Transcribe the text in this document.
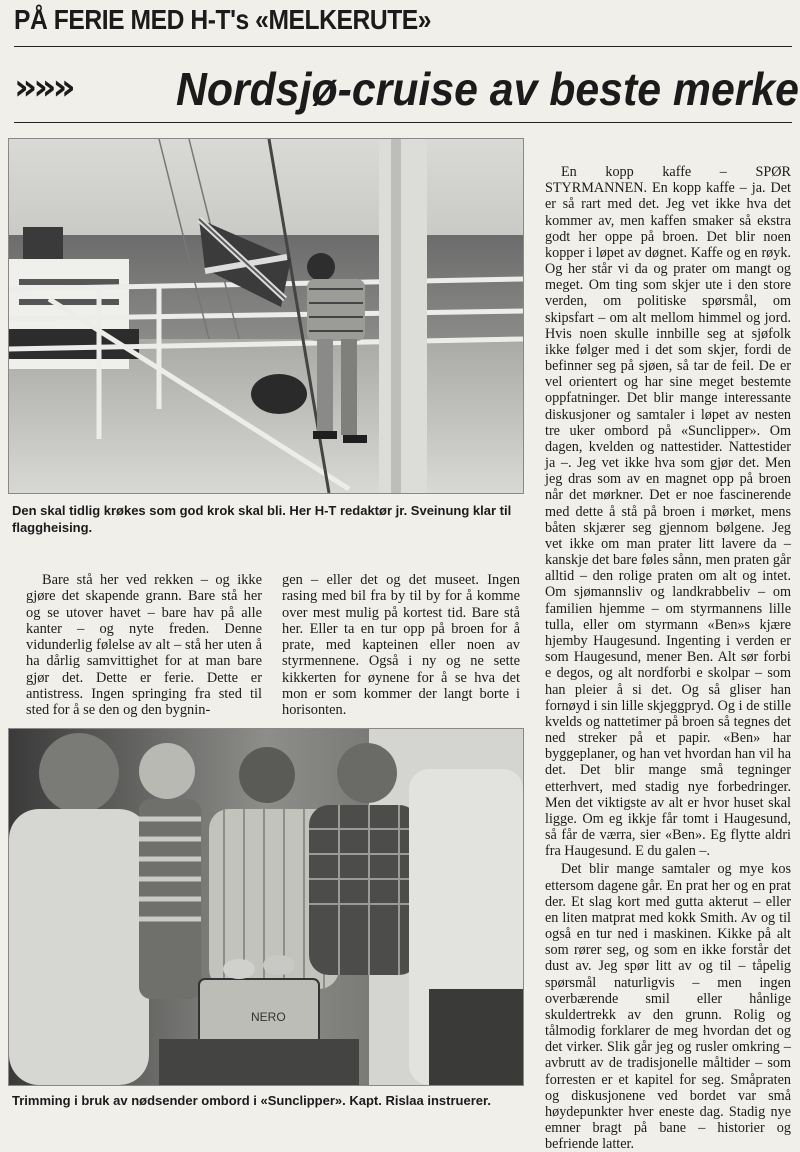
PÅ FERIE MED H-T's «MELKERUTE»
»»» Nordsjø-cruise av beste merke
Den skal tidlig krøkes som god krok skal bli. Her H-T redaktør jr. Sveinung klar til flaggheising.

Bare stå her ved rekken – og ikke gjøre det skapende grann. Bare stå her og se utover havet – bare hav på alle kanter – og nyte freden. Denne vidunderlig følelse av alt – stå her uten å ha dårlig samvittighet for at man bare gjør det. Dette er ferie. Dette er antistress. Ingen springing fra sted til sted for å se den og den bygnin-

gen – eller det og det museet. Ingen rasing med bil fra by til by for å komme over mest mulig på kortest tid. Bare stå her. Eller ta en tur opp på broen for å prate, med kapteinen eller noen av styrmennene. Også i ny og ne sette kikkerten for øynene for å se hva det mon er som kommer der langt borte i horisonten.

En kopp kaffe – SPØR STYRMANNEN. En kopp kaffe – ja. Det er så rart med det. Jeg vet ikke hva det kommer av, men kaffen smaker så ekstra godt her oppe på broen. Det blir noen kopper i løpet av døgnet. Kaffe og en røyk. Og her står vi da og prater om mangt og meget. Om ting som skjer ute i den store verden, om politiske spørsmål, om skipsfart – om alt mellom himmel og jord. Hvis noen skulle innbille seg at sjøfolk ikke følger med i det som skjer, fordi de befinner seg på sjøen, så tar de feil. De er vel orientert og har sine meget bestemte oppfatninger. Det blir mange interessante diskusjoner og samtaler i løpet av nesten tre uker ombord på «Sunclipper». Om dagen, kvelden og nattestider. Nattestider ja –. Jeg vet ikke hva som gjør det. Men jeg dras som av en magnet opp på broen når det mørkner. Det er noe fascinerende med dette å stå på broen i mørket, mens båten skjærer seg gjennom bølgene. Jeg vet ikke om man prater litt lavere da – kanskje det bare føles sånn, men praten går alltid – den rolige praten om alt og intet. Om sjømannsliv og landkrabbeliv – om familien hjemme – om styrmannens lille tulla, eller om styrmann «Ben»s kjære hjemby Haugesund. Ingenting i verden er som Haugesund, mener Ben. Alt sør forbi e degos, og alt nordforbi e skolpar – som han pleier å si det. Og så gliser han fornøyd i sin lille skjeggpryd. Og i de stille kvelds og nattetimer på broen så tegnes det ned streker på et papir. «Ben» har byggeplaner, og han vet hvordan han vil ha det. Det blir mange små tegninger etterhvert, med stadig nye forbedringer. Men det viktigste av alt er hvor huset skal ligge. Om eg ikkje får tomt i Haugesund, så får de værra, sier «Ben». Eg flytte aldri fra Haugesund. E du galen –.

Det blir mange samtaler og mye kos ettersom dagene går. En prat her og en prat der. Et slag kort med gutta akterut – eller en liten matprat med kokk Smith. Av og til også en tur ned i maskinen. Kikke på alt som rører seg, og som en ikke forstår det dust av. Jeg spør litt av og til – tåpelig spørsmål naturligvis – men ingen overbærende smil eller hånlige skuldertrekk av den grunn. Rolig og tålmodig forklarer de meg hvordan det og det virker. Slik går jeg og rusler omkring – avbrutt av de tradisjonelle måltider – som forresten er et kapitel for seg. Småpraten og diskusjonene ved bordet var små høydepunkter hver eneste dag. Stadig nye emner bragt på bane – historier og befriende latter.

NERO
Trimming i bruk av nødsender ombord i «Sunclipper». Kapt. Rislaa instruerer.
